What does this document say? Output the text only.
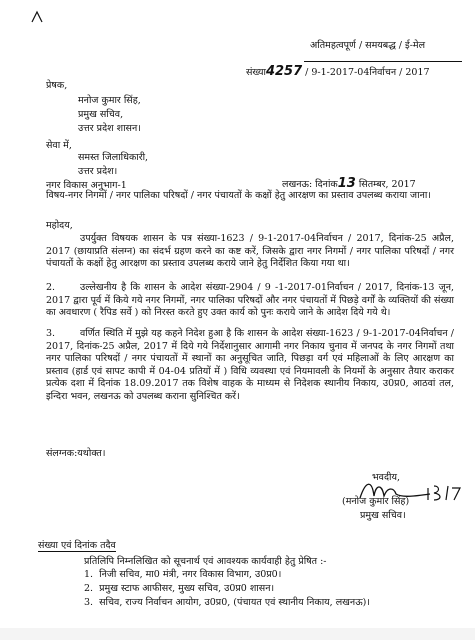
अतिमहत्वपूर्ण / समयबद्ध / ई-मेल
संख्या4257 / 9-1-2017-04निर्वाचन / 2017
प्रेषक,
मनोज कुमार सिंह,
प्रमुख सचिव,
उत्तर प्रदेश शासन।
सेवा में,
समस्त जिलाधिकारी,
उत्तर प्रदेश।
नगर विकास अनुभाग-1	लखनऊ: दिनांक13 सितम्बर, 2017
विषय-नगर निगमों / नगर पालिका परिषदों / नगर पंचायतों के कक्षों हेतु आरक्षण का प्रस्ताव उपलब्ध कराया जाना।
महोदय,
उपर्युक्त विषयक शासन के पत्र संख्या-1623 / 9-1-2017-04निर्वाचन / 2017, दिनांक-25 अप्रैल, 2017 (छायाप्रति संलग्न) का संदर्भ ग्रहण करने का कष्ट करें, जिसके द्वारा नगर निगमों / नगर पालिका परिषदों / नगर पंचायतों के कक्षों हेतु आरक्षण का प्रस्ताव उपलब्ध कराये जाने हेतु निर्देशित किया गया था।
2.	उल्लेखनीय है कि शासन के आदेश संख्या-2904 / 9 -1-2017-01निर्वाचन / 2017, दिनांक-13 जून, 2017 द्वारा पूर्व में किये गये नगर निगमों, नगर पालिका परिषदों और नगर पंचायतों में पिछड़े वर्गों के व्यक्तियों की संख्या का अवधारण ( रैपिड सर्वे ) को निरस्त करते हुए उक्त कार्य को पुनः कराये जाने के आदेश दिये गये थे।
3.	वर्णित स्थिति में मुझे यह कहने निदेश हुआ है कि शासन के आदेश संख्या-1623 / 9-1-2017-04निर्वाचन / 2017, दिनांक-25 अप्रैल, 2017 में दिये गये निर्देशानुसार आगामी नगर निकाय चुनाव में जनपद के नगर निगमों तथा नगर पालिका परिषदों / नगर पंचायतों में स्थानों का अनुसूचित जाति, पिछड़ा वर्ग एवं महिलाओं के लिए आरक्षण का प्रस्ताव (हार्ड एवं सापट कापी में 04-04 प्रतियों में ) विधि व्यवस्था एवं नियमावली के नियमों के अनुसार तैयार कराकर प्रत्येक दशा में दिनांक 18.09.2017 तक विशेष वाहक के माध्यम से निदेशक स्थानीय निकाय, उ0प्र0, आठवां तल, इन्दिरा भवन, लखनऊ को उपलब्ध कराना सुनिश्चित करें।
संलग्नक:यथोक्त।
भवदीय,
(मनोज कुमार सिंह)
प्रमुख सचिव।
संख्या एवं दिनांक तदैव
प्रतिलिपि निम्नलिखित को सूचनार्थ एवं आवश्यक कार्यवाही हेतु प्रेषित :-
1. निजी सचिव, मा0 मंत्री, नगर विकास विभाग, उ0प्र0।
2. प्रमुख स्टाफ आफीसर, मुख्य सचिव, उ0प्र0 शासन।
3. सचिव, राज्य निर्वाचन आयोग, उ0प्र0, (पंचायत एवं स्थानीय निकाय, लखनऊ)।
